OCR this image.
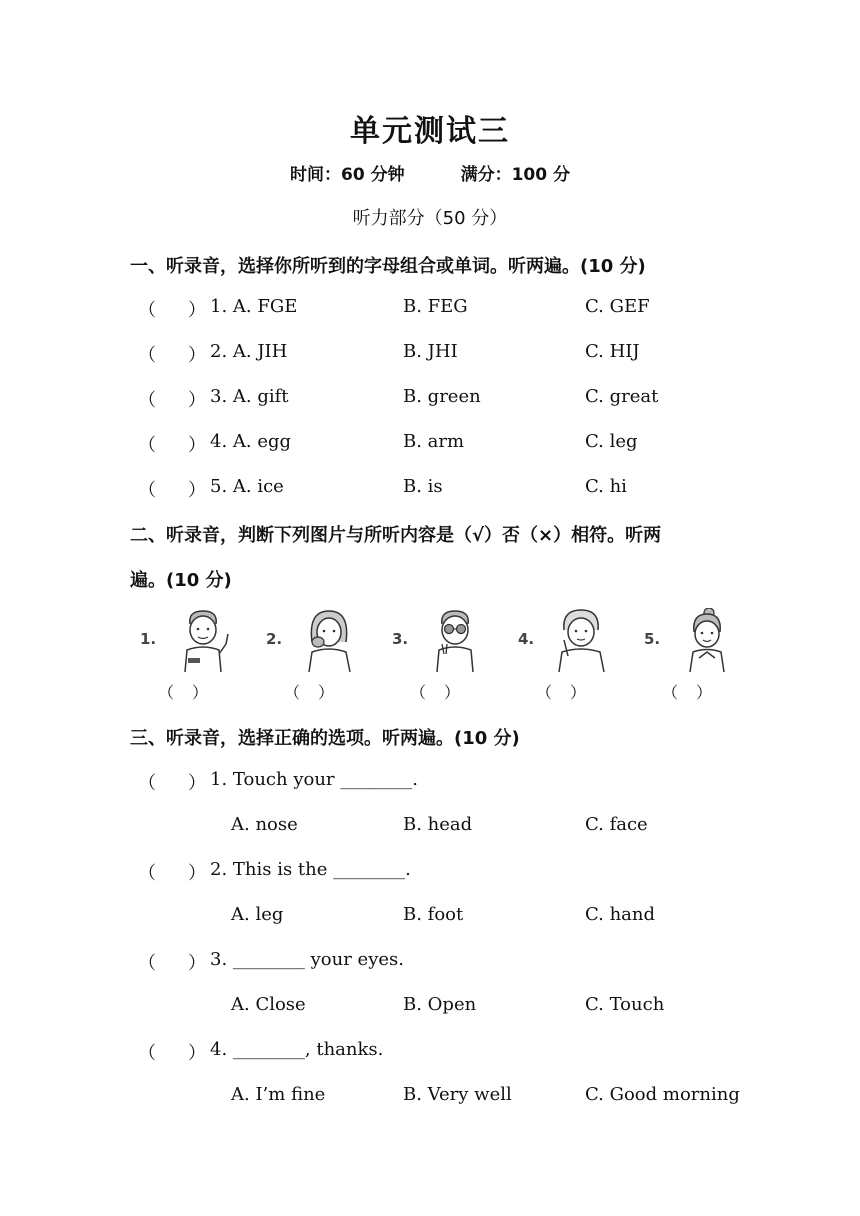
单元测试三
时间：60 分钟	满分：100 分
听力部分（50 分）
一、听录音，选择你所听到的字母组合或单词。听两遍。(10 分)
（ ） 1. A. FGE	B. FEG	C. GEF
（ ） 2. A. JIH	B. JHI	C. HIJ
（ ） 3. A. gift	B. green	C. great
（ ） 4. A. egg	B. arm	C. leg
（ ） 5. A. ice	B. is	C. hi
二、听录音，判断下列图片与所听内容是（√）否（×）相符。听两
遍。(10 分)
1.
（ ）
2.
（ ）
3.
（ ）
4.
（ ）
5.
（ ）
三、听录音，选择正确的选项。听两遍。(10 分)
（ ） 1. Touch your ________.
A. nose	B. head	C. face
（ ） 2. This is the ________.
A. leg	B. foot	C. hand
（ ） 3. ________ your eyes.
A. Close	B. Open	C. Touch
（ ） 4. ________, thanks.
A. I’m fine	B. Very well	C. Good morning
